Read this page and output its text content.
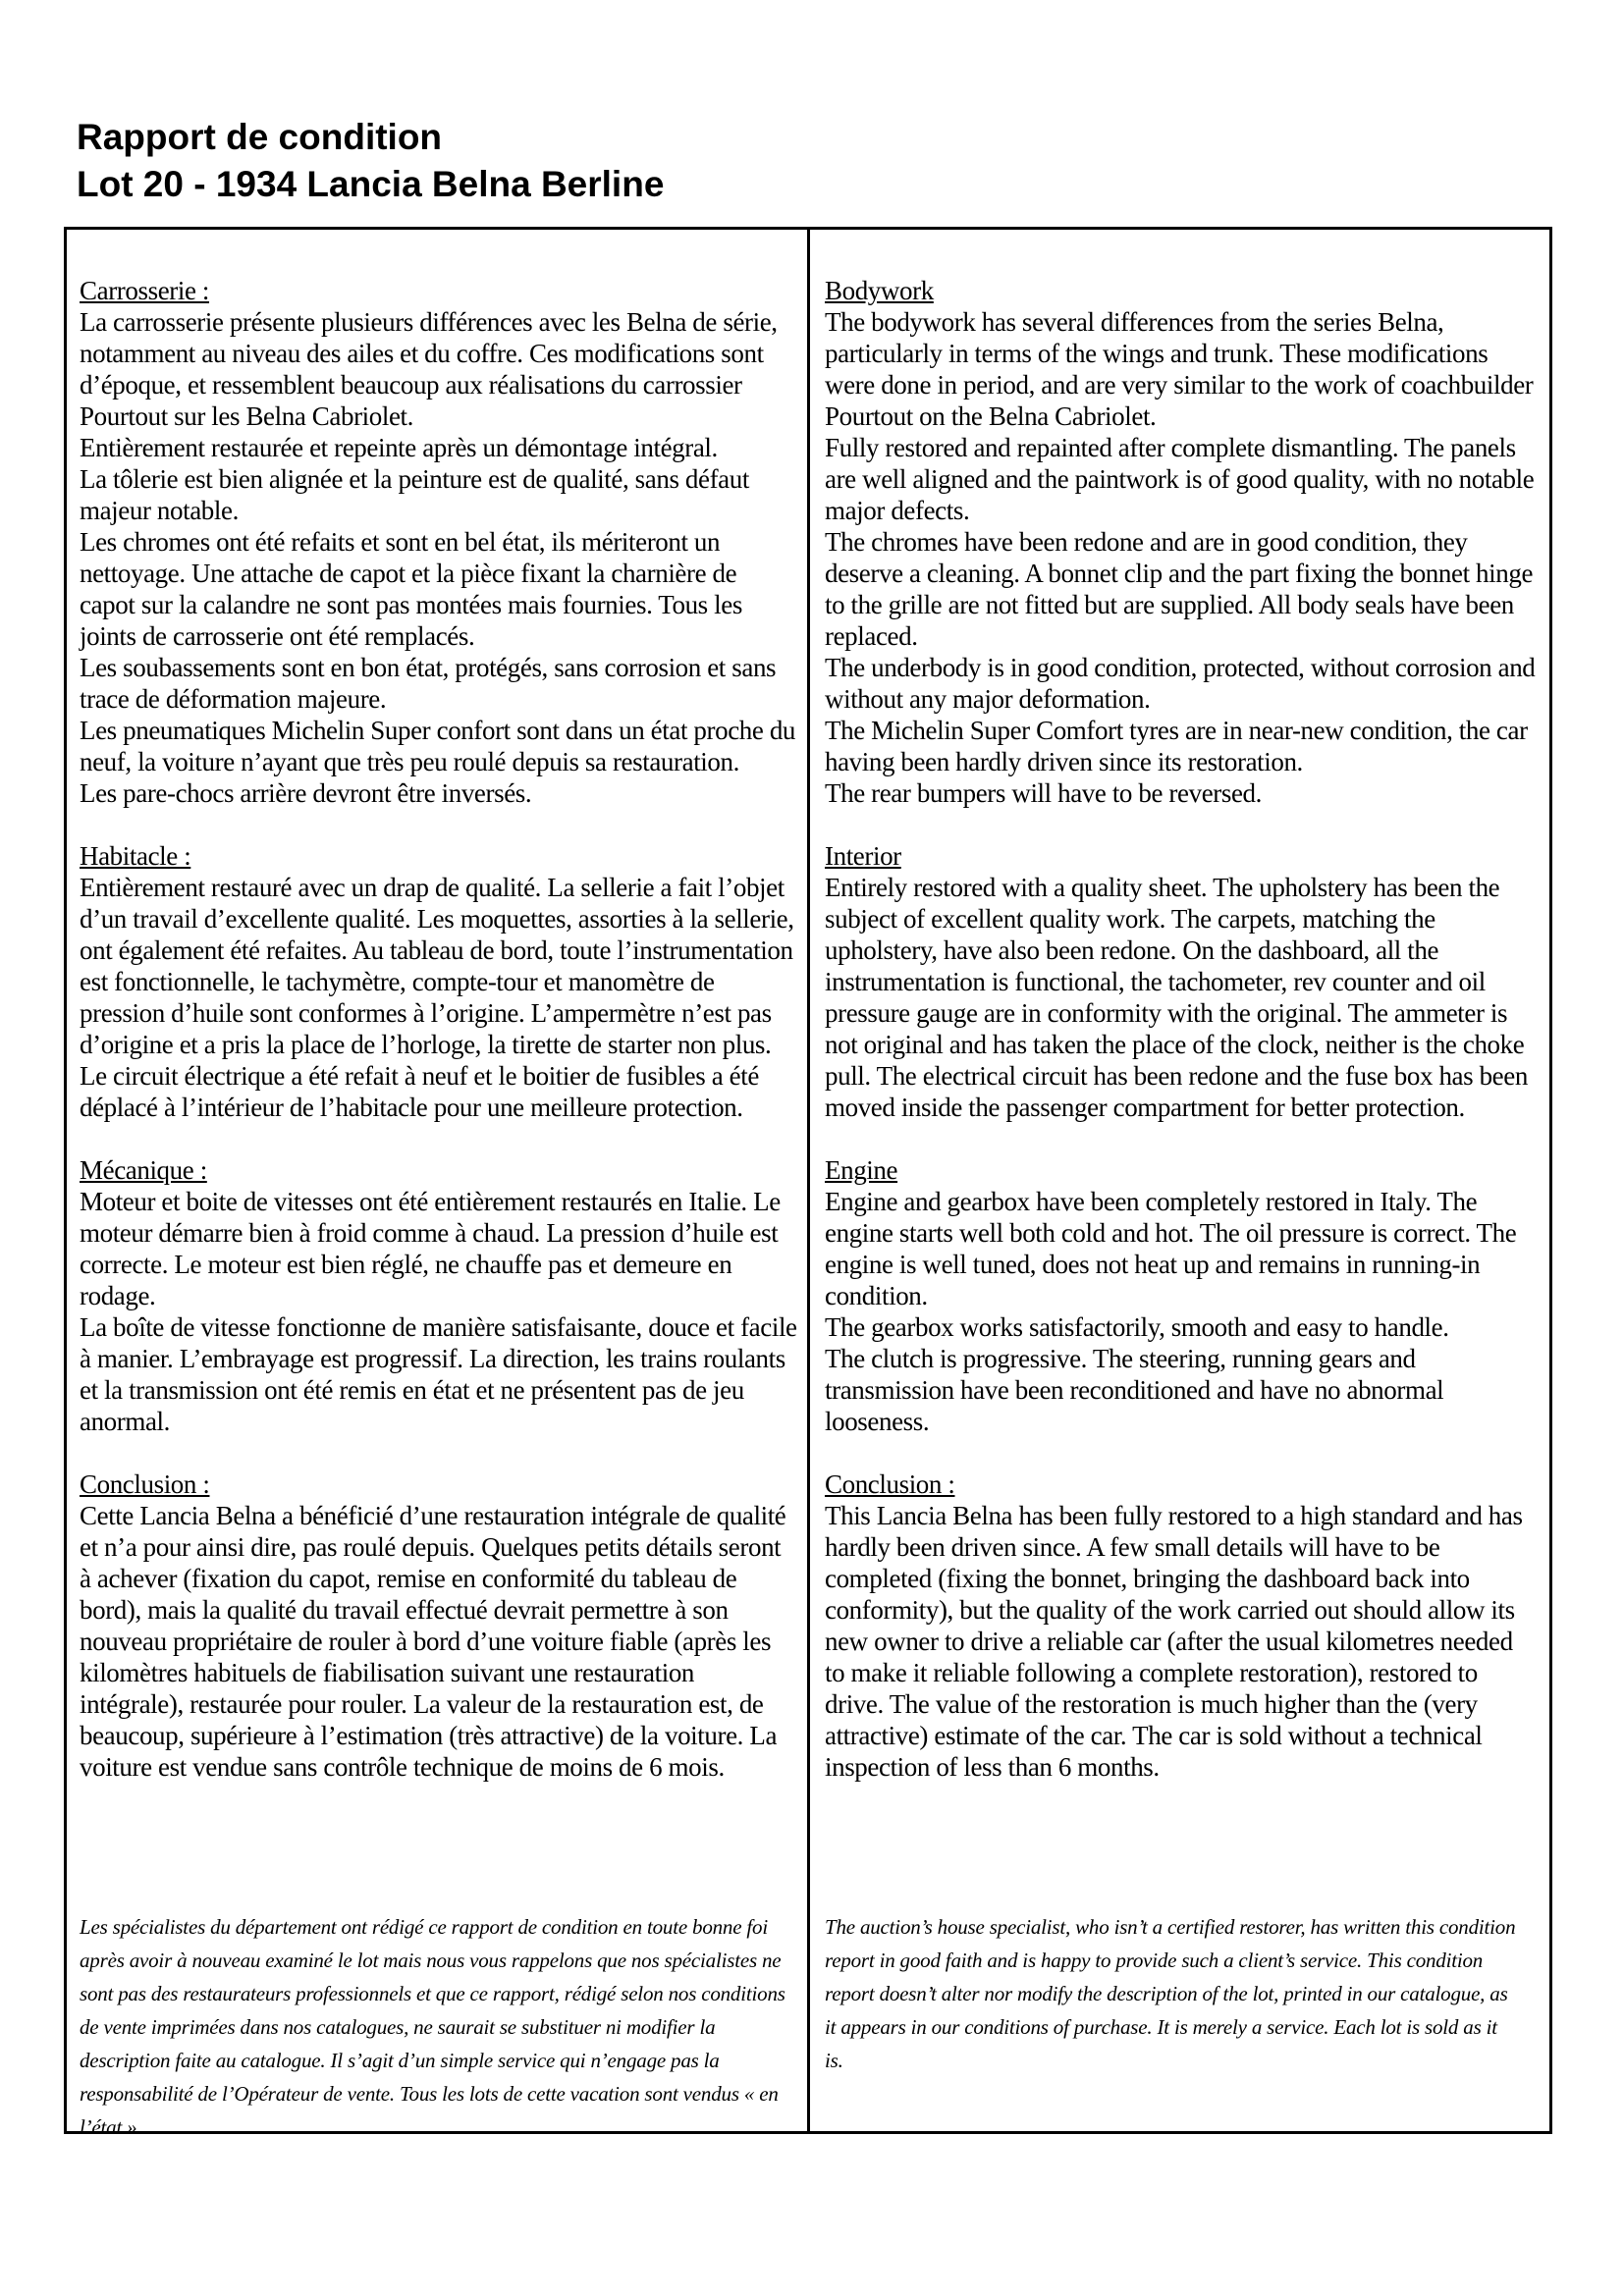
Rapport de condition
Lot 20 - 1934 Lancia Belna Berline
Carrosserie :

La carrosserie présente plusieurs différences avec les Belna de série, notamment au niveau des ailes et du coffre. Ces modifications sont d’époque, et ressemblent beaucoup aux réalisations du carrossier Pourtout sur les Belna Cabriolet.

Entièrement restaurée et repeinte après un démontage intégral.

La tôlerie est bien alignée et la peinture est de qualité, sans défaut majeur notable.

Les chromes ont été refaits et sont en bel état, ils mériteront un nettoyage. Une attache de capot et la pièce fixant la charnière de capot sur la calandre ne sont pas montées mais fournies. Tous les joints de carrosserie ont été remplacés.

Les soubassements sont en bon état, protégés, sans corrosion et sans trace de déformation majeure.

Les pneumatiques Michelin Super confort sont dans un état proche du neuf, la voiture n’ayant que très peu roulé depuis sa restauration.

Les pare-chocs arrière devront être inversés.

Habitacle :

Entièrement restauré avec un drap de qualité. La sellerie a fait l’objet d’un travail d’excellente qualité. Les moquettes, assorties à la sellerie, ont également été refaites. Au tableau de bord, toute l’instrumentation est fonctionnelle, le tachymètre, compte-tour et manomètre de pression d’huile sont conformes à l’origine. L’ampermètre n’est pas d’origine et a pris la place de l’horloge, la tirette de starter non plus. Le circuit électrique a été refait à neuf et le boitier de fusibles a été déplacé à l’intérieur de l’habitacle pour une meilleure protection.

Mécanique :

Moteur et boite de vitesses ont été entièrement restaurés en Italie. Le moteur démarre bien à froid comme à chaud. La pression d’huile est correcte. Le moteur est bien réglé, ne chauffe pas et demeure en rodage.

La boîte de vitesse fonctionne de manière satisfaisante, douce et facile à manier. L’embrayage est progressif. La direction, les trains roulants et la transmission ont été remis en état et ne présentent pas de jeu anormal.

Conclusion :

Cette Lancia Belna a bénéficié d’une restauration intégrale de qualité et n’a pour ainsi dire, pas roulé depuis. Quelques petits détails seront à achever (fixation du capot, remise en conformité du tableau de bord), mais la qualité du travail effectué devrait permettre à son nouveau propriétaire de rouler à bord d’une voiture fiable (après les kilomètres habituels de fiabilisation suivant une restauration intégrale), restaurée pour rouler. La valeur de la restauration est, de beaucoup, supérieure à l’estimation (très attractive) de la voiture. La voiture est vendue sans contrôle technique de moins de 6 mois.

Les spécialistes du département ont rédigé ce rapport de condition en toute bonne foi après avoir à nouveau examiné le lot mais nous vous rappelons que nos spécialistes ne sont pas des restaurateurs professionnels et que ce rapport, rédigé selon nos conditions de vente imprimées dans nos catalogues, ne saurait se substituer ni modifier la description faite au catalogue. Il s’agit d’un simple service qui n’engage pas la responsabilité de l’Opérateur de vente. Tous les lots de cette vacation sont vendus « en l’état ».
Bodywork

The bodywork has several differences from the series Belna, particularly in terms of the wings and trunk. These modifications were done in period, and are very similar to the work of coachbuilder Pourtout on the Belna Cabriolet.

Fully restored and repainted after complete dismantling. The panels are well aligned and the paintwork is of good quality, with no notable major defects.

The chromes have been redone and are in good condition, they deserve a cleaning. A bonnet clip and the part fixing the bonnet hinge to the grille are not fitted but are supplied. All body seals have been replaced.

The underbody is in good condition, protected, without corrosion and without any major deformation.

The Michelin Super Comfort tyres are in near-new condition, the car having been hardly driven since its restoration.

The rear bumpers will have to be reversed.

Interior

Entirely restored with a quality sheet. The upholstery has been the subject of excellent quality work. The carpets, matching the upholstery, have also been redone. On the dashboard, all the instrumentation is functional, the tachometer, rev counter and oil pressure gauge are in conformity with the original. The ammeter is not original and has taken the place of the clock, neither is the choke pull. The electrical circuit has been redone and the fuse box has been moved inside the passenger compartment for better protection.

Engine

Engine and gearbox have been completely restored in Italy. The engine starts well both cold and hot. The oil pressure is correct. The engine is well tuned, does not heat up and remains in running-in condition.

The gearbox works satisfactorily, smooth and easy to handle.

The clutch is progressive. The steering, running gears and transmission have been reconditioned and have no abnormal looseness.

Conclusion :

This Lancia Belna has been fully restored to a high standard and has hardly been driven since. A few small details will have to be completed (fixing the bonnet, bringing the dashboard back into conformity), but the quality of the work carried out should allow its new owner to drive a reliable car (after the usual kilometres needed to make it reliable following a complete restoration), restored to drive. The value of the restoration is much higher than the (very attractive) estimate of the car. The car is sold without a technical inspection of less than 6 months.

The auction’s house specialist, who isn’t a certified restorer, has written this condition report in good faith and is happy to provide such a client’s service. This condition report doesn’t alter nor modify the description of the lot, printed in our catalogue, as it appears in our conditions of purchase. It is merely a service. Each lot is sold as it is.
